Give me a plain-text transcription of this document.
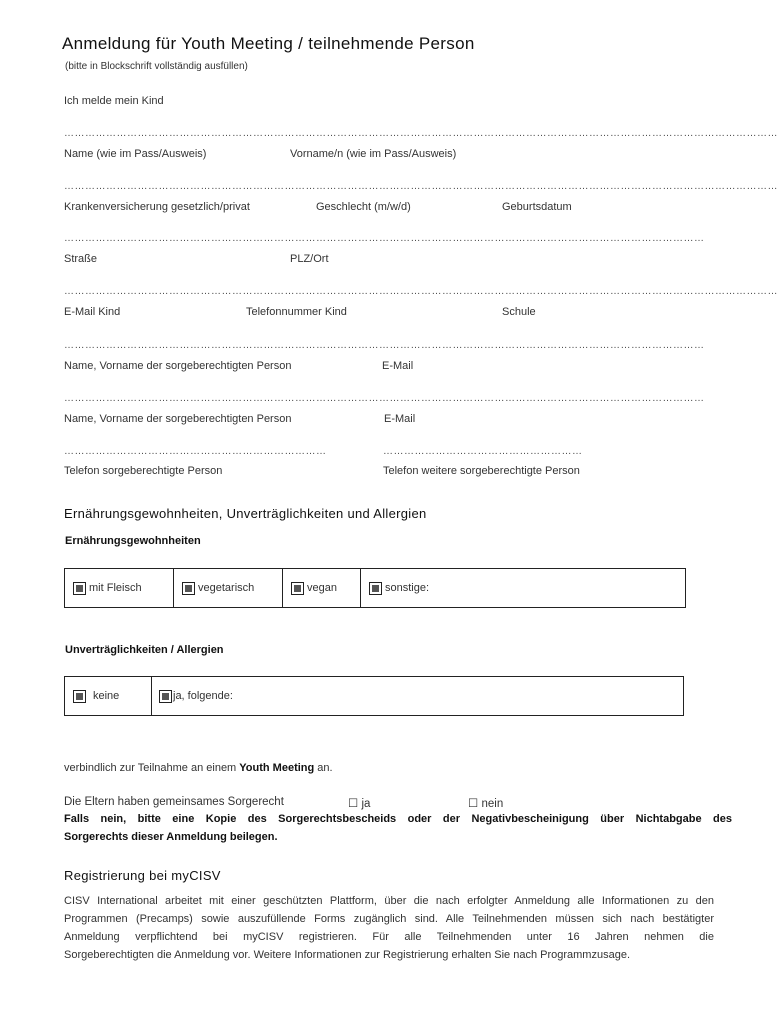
Anmeldung für Youth Meeting / teilnehmende Person
(bitte in Blockschrift vollständig ausfüllen)
Ich melde mein Kind
……………………………………………………………………………………………………………………………………………………………………………………
Name (wie im Pass/Ausweis)	Vorname/n (wie im Pass/Ausweis)
……………………………………………………………………………………………………………………………………………………………………………………
Krankenversicherung gesetzlich/privat	Geschlecht (m/w/d)	Geburtsdatum
…………………………………………………………………………………………………………………………………………………………………
Straße	PLZ/Ort
……………………………………………………………………………………………………………………………………………………………………………………
E-Mail Kind	Telefonnummer Kind	Schule
…………………………………………………………………………………………………………………………………………………………………
Name, Vorname der sorgeberechtigten Person	E-Mail
…………………………………………………………………………………………………………………………………………………………………
Name, Vorname der sorgeberechtigten Person	E-Mail
…………………………………………………………………	…………………………………………………
Telefon sorgeberechtigte Person	Telefon weitere sorgeberechtigte Person
Ernährungsgewohnheiten, Unverträglichkeiten und Allergien
Ernährungsgewohnheiten
mit Fleisch	vegetarisch	vegan	sonstige:
Unverträglichkeiten / Allergien
keine	ja, folgende:
verbindlich zur Teilnahme an einem Youth Meeting an.
Die Eltern haben gemeinsames Sorgerecht	☐ ja	☐ nein
Falls nein, bitte eine Kopie des Sorgerechtsbescheids oder der Negativbescheinigung über Nichtabgabe des
Sorgerechts dieser Anmeldung beilegen.
Registrierung bei myCISV
CISV International arbeitet mit einer geschützten Plattform, über die nach erfolgter Anmeldung alle Informationen zu den
Programmen (Precamps) sowie auszufüllende Forms zugänglich sind. Alle Teilnehmenden müssen sich nach bestätigter
Anmeldung verpflichtend bei myCISV registrieren. Für alle Teilnehmenden unter 16 Jahren nehmen die
Sorgeberechtigten die Anmeldung vor. Weitere Informationen zur Registrierung erhalten Sie nach Programmzusage.
